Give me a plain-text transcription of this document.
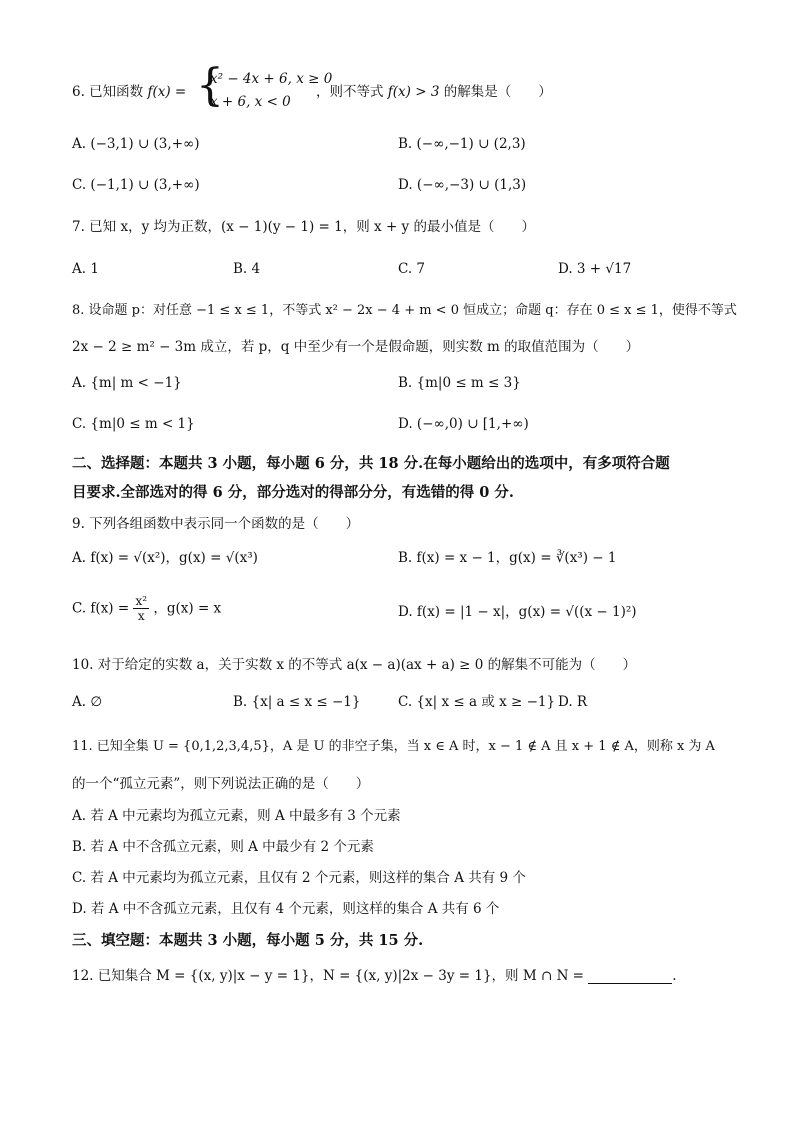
6. 已知函数 f(x) = {
x² − 4x + 6, x ≥ 0
x + 6, x < 0
，则不等式 f(x) > 3 的解集是（　　）
A. (−3,1) ∪ (3,+∞)	B. (−∞,−1) ∪ (2,3)
C. (−1,1) ∪ (3,+∞)	D. (−∞,−3) ∪ (1,3)
7. 已知 x，y 均为正数，(x − 1)(y − 1) = 1，则 x + y 的最小值是（　　）
A. 1	B. 4	C. 7	D. 3 + √17
8. 设命题 p：对任意 −1 ≤ x ≤ 1，不等式 x² − 2x − 4 + m < 0 恒成立；命题 q：存在 0 ≤ x ≤ 1，使得不等式
2x − 2 ≥ m² − 3m 成立，若 p，q 中至少有一个是假命题，则实数 m 的取值范围为（　　）
A. {m| m < −1}	B. {m|0 ≤ m ≤ 3}
C. {m|0 ≤ m < 1}	D. (−∞,0) ∪ [1,+∞)
二、选择题：本题共 3 小题，每小题 6 分，共 18 分.在每小题给出的选项中，有多项符合题
目要求.全部选对的得 6 分，部分选对的得部分分，有选错的得 0 分.
9. 下列各组函数中表示同一个函数的是（　　）
A. f(x) = √(x²)，g(x) = √(x³)	B. f(x) = x − 1，g(x) = ∛(x³) − 1
C. $f(x) = \frac{\text{x²}}{x}$ ，g(x) = x	D. f(x) = |1 − x|，g(x) = √((x − 1)²)
10. 对于给定的实数 a，关于实数 x 的不等式 a(x − a)(ax + a) ≥ 0 的解集不可能为（　　）
A. ∅	B. {x| a ≤ x ≤ −1}	C. {x| x ≤ a 或 x ≥ −1} D. R
11. 已知全集 U = {0,1,2,3,4,5}，A 是 U 的非空子集，当 x ∈ A 时，x − 1 ∉ A 且 x + 1 ∉ A，则称 x 为 A
的一个“孤立元素”，则下列说法正确的是（　　）
A. 若 A 中元素均为孤立元素，则 A 中最多有 3 个元素
B. 若 A 中不含孤立元素，则 A 中最少有 2 个元素
C. 若 A 中元素均为孤立元素，且仅有 2 个元素，则这样的集合 A 共有 9 个
D. 若 A 中不含孤立元素，且仅有 4 个元素，则这样的集合 A 共有 6 个
三、填空题：本题共 3 小题，每小题 5 分，共 15 分.
12. 已知集合 M = {(x, y)|x − y = 1}，N = {(x, y)|2x − 3y = 1}，则 M ∩ N =	.
